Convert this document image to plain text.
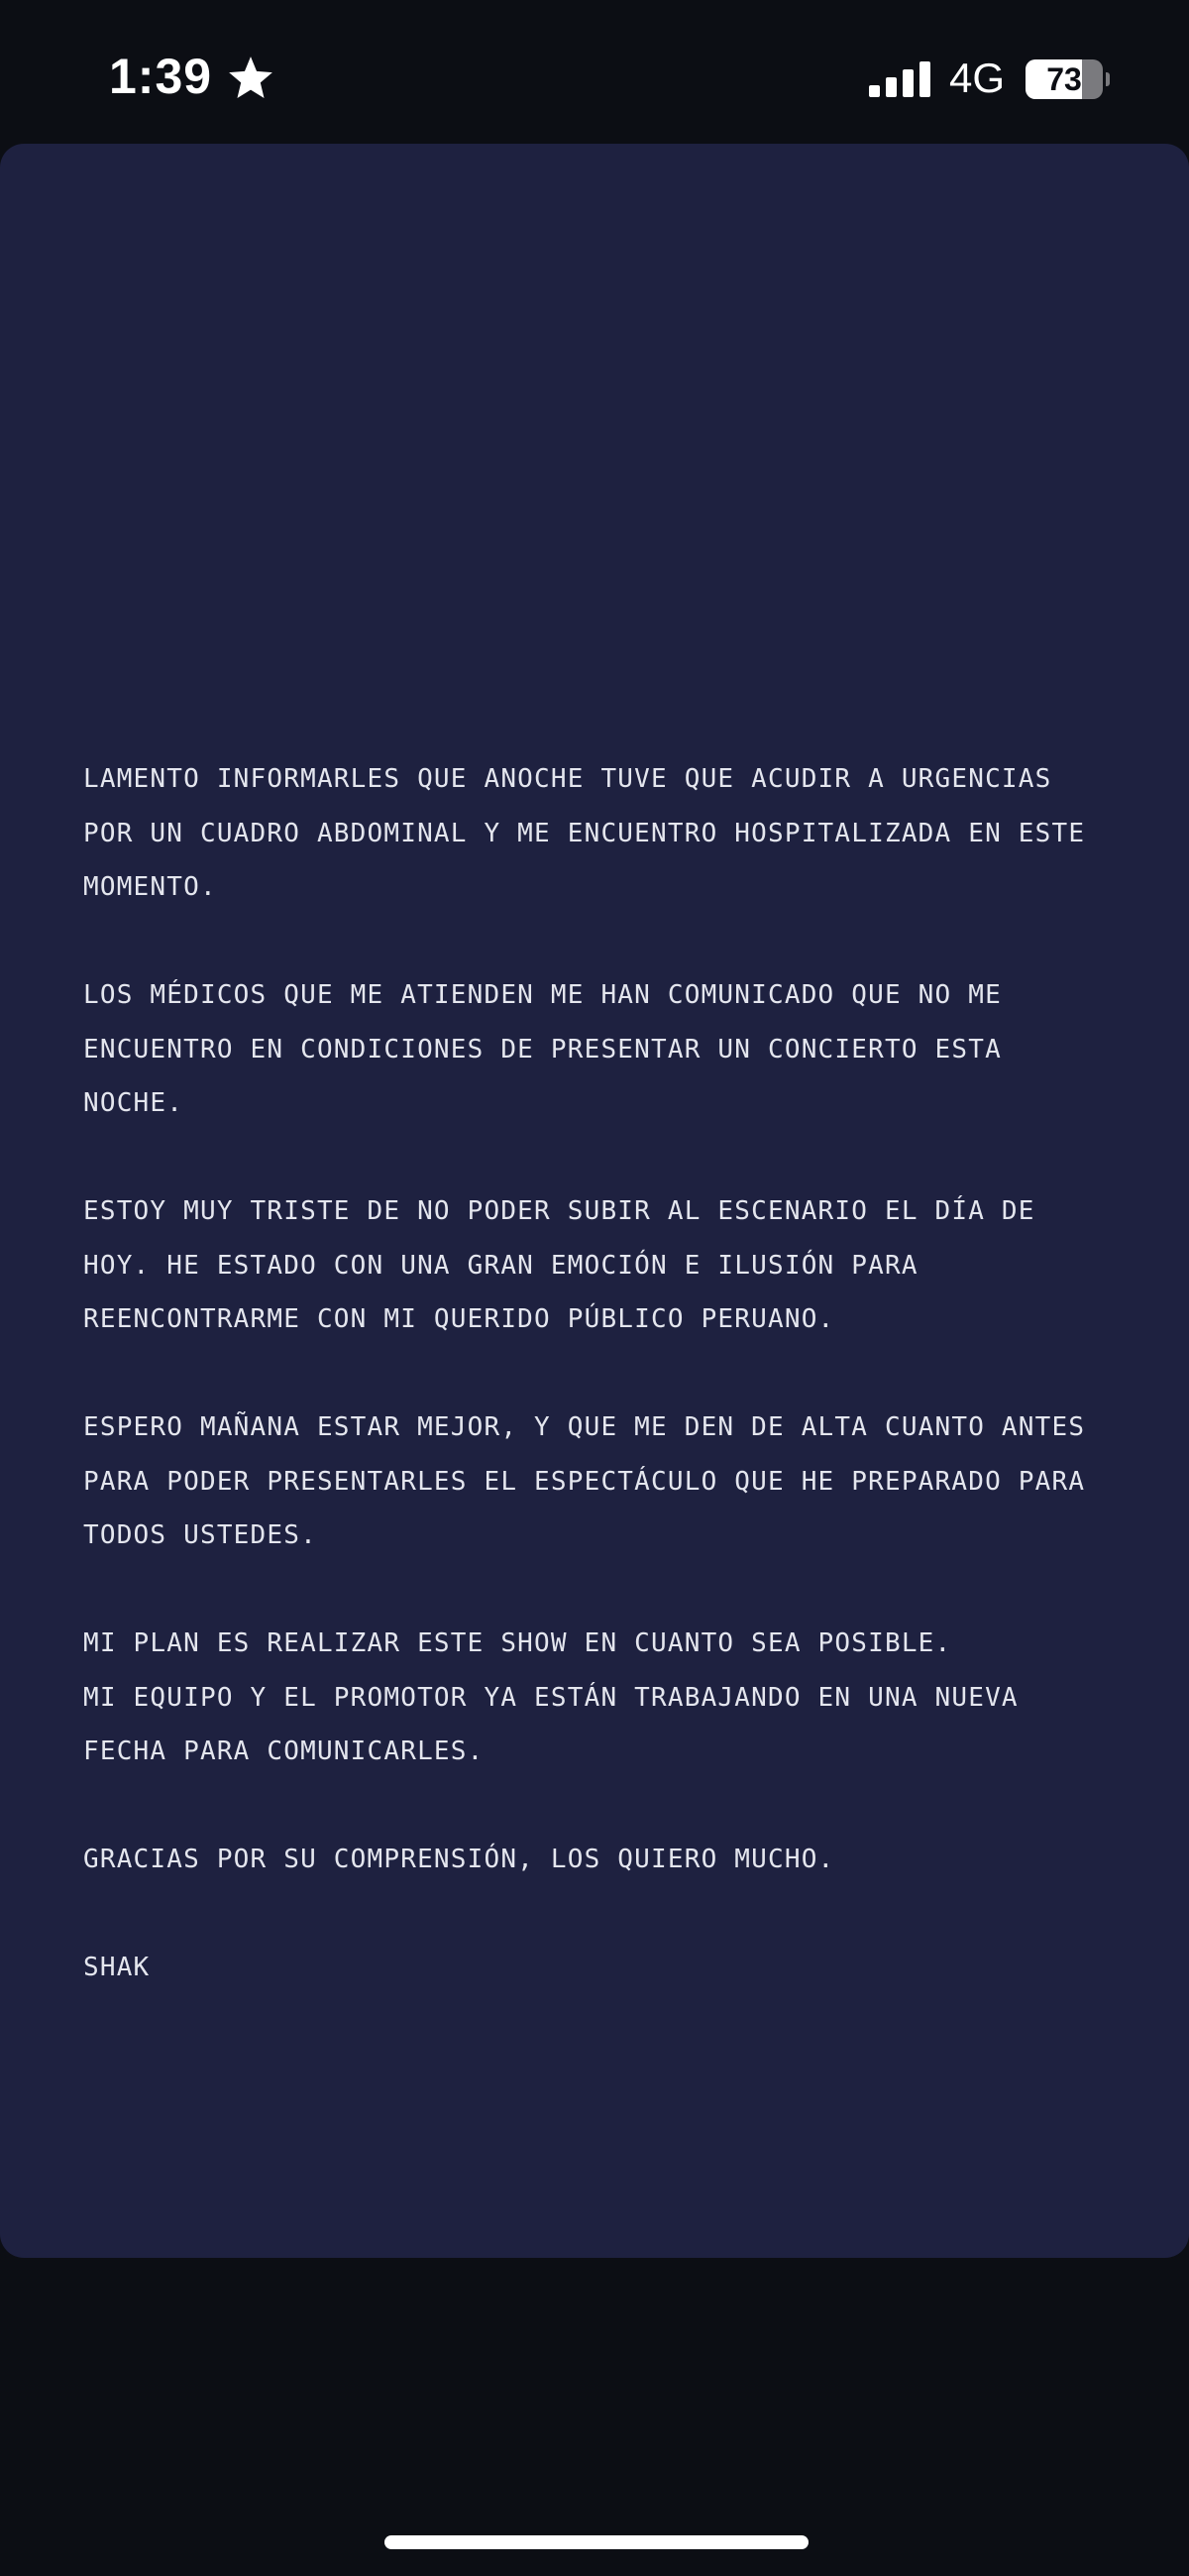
1:39	4G	73

LAMENTO INFORMARLES QUE ANOCHE TUVE QUE ACUDIR A URGENCIAS
POR UN CUADRO ABDOMINAL Y ME ENCUENTRO HOSPITALIZADA EN ESTE
MOMENTO.

LOS MÉDICOS QUE ME ATIENDEN ME HAN COMUNICADO QUE NO ME
ENCUENTRO EN CONDICIONES DE PRESENTAR UN CONCIERTO ESTA
NOCHE.

ESTOY MUY TRISTE DE NO PODER SUBIR AL ESCENARIO EL DÍA DE
HOY. HE ESTADO CON UNA GRAN EMOCIÓN E ILUSIÓN PARA
REENCONTRARME CON MI QUERIDO PÚBLICO PERUANO.

ESPERO MAÑANA ESTAR MEJOR, Y QUE ME DEN DE ALTA CUANTO ANTES
PARA PODER PRESENTARLES EL ESPECTÁCULO QUE HE PREPARADO PARA
TODOS USTEDES.

MI PLAN ES REALIZAR ESTE SHOW EN CUANTO SEA POSIBLE.
MI EQUIPO Y EL PROMOTOR YA ESTÁN TRABAJANDO EN UNA NUEVA
FECHA PARA COMUNICARLES.

GRACIAS POR SU COMPRENSIÓN, LOS QUIERO MUCHO.

SHAK
